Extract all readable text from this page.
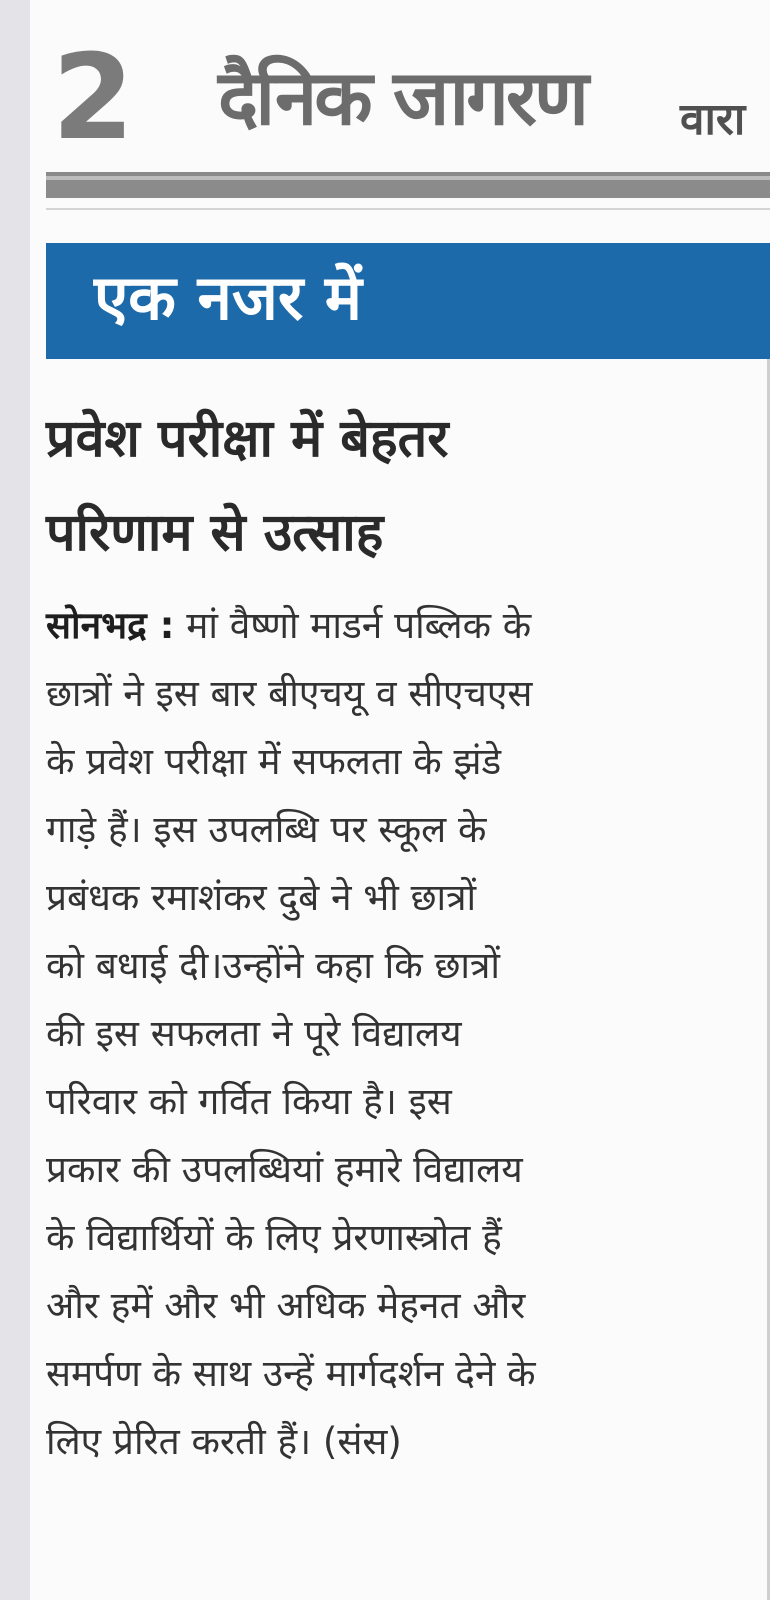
2 दैनिक जागरण वारा
एक नजर में
प्रवेश परीक्षा में बेहतर
परिणाम से उत्साह
सोनभद्र : मां वैष्णो माडर्न पब्लिक के
छात्रों ने इस बार बीएचयू व सीएचएस
के प्रवेश परीक्षा में सफलता के झंडे
गाड़े हैं। इस उपलब्धि पर स्कूल के
प्रबंधक रमाशंकर दुबे ने भी छात्रों
को बधाई दी।उन्होंने कहा कि छात्रों
की इस सफलता ने पूरे विद्यालय
परिवार को गर्वित किया है। इस
प्रकार की उपलब्धियां हमारे विद्यालय
के विद्यार्थियों के लिए प्रेरणास्त्रोत हैं
और हमें और भी अधिक मेहनत और
समर्पण के साथ उन्हें मार्गदर्शन देने के
लिए प्रेरित करती हैं। (संस)
